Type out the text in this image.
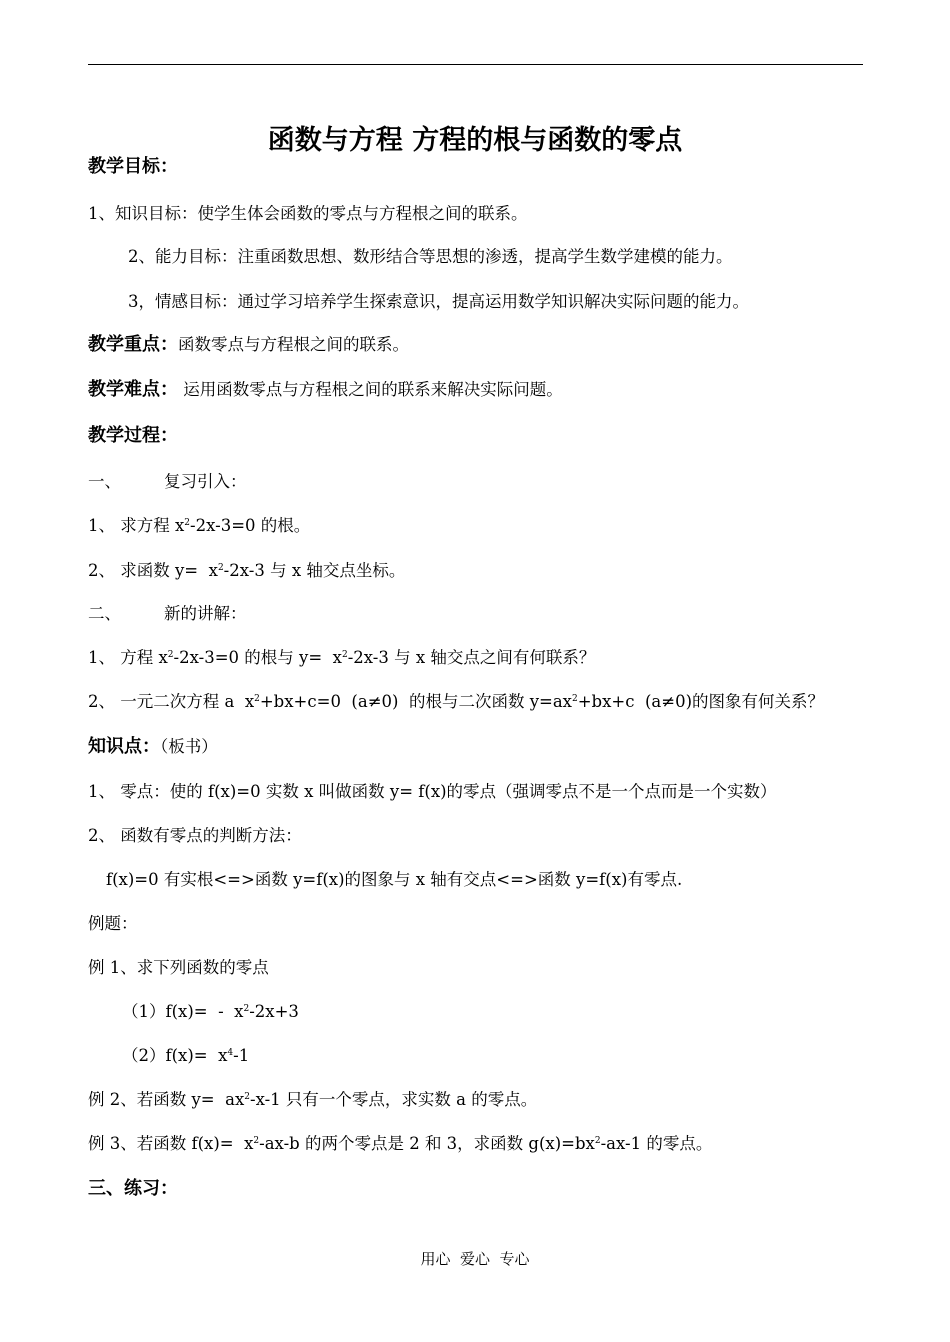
函数与方程 方程的根与函数的零点
教学目标：
1、知识目标：使学生体会函数的零点与方程根之间的联系。
2、能力目标：注重函数思想、数形结合等思想的渗透，提高学生数学建模的能力。
3，情感目标：通过学习培养学生探索意识，提高运用数学知识解决实际问题的能力。
教学重点：函数零点与方程根之间的联系。
教学难点： 运用函数零点与方程根之间的联系来解决实际问题。
教学过程：
一、	复习引入：
1、 求方程 $x^2-2x-3=0$ 的根。
2、 求函数 $y= x^2-2x-3$ 与 x 轴交点坐标。
二、	新的讲解：
1、 方程 $x^2-2x-3=0$ 的根与 $y= x^2-2x-3$ 与 x 轴交点之间有何联系？
2、 一元二次方程 a  $x^2+bx+c=0$  (a≠0)  的根与二次函数 $y=ax^2+bx+c$  (a≠0)的图象有何关系？
知识点：（板书）
1、 零点：使的 f(x)=0 实数 x 叫做函数 y= f(x)的零点（强调零点不是一个点而是一个实数）
2、 函数有零点的判断方法：
f(x)=0 有实根<=>函数 y=f(x)的图象与 x 轴有交点<=>函数 y=f(x)有零点.
例题：
例 1、求下列函数的零点
$(1)f(x)= - x^2-2x+3$
$(2)f(x)= x^4-1$
例 2、若函数 $y= ax^2-x-1$ 只有一个零点，求实数 a 的零点。
例 3、若函数 $f(x)= x^2-ax-b$ 的两个零点是 2 和 3，求函数 $g(x)=bx^2-ax-1$ 的零点。
三、练习：
用心  爱心  专心
